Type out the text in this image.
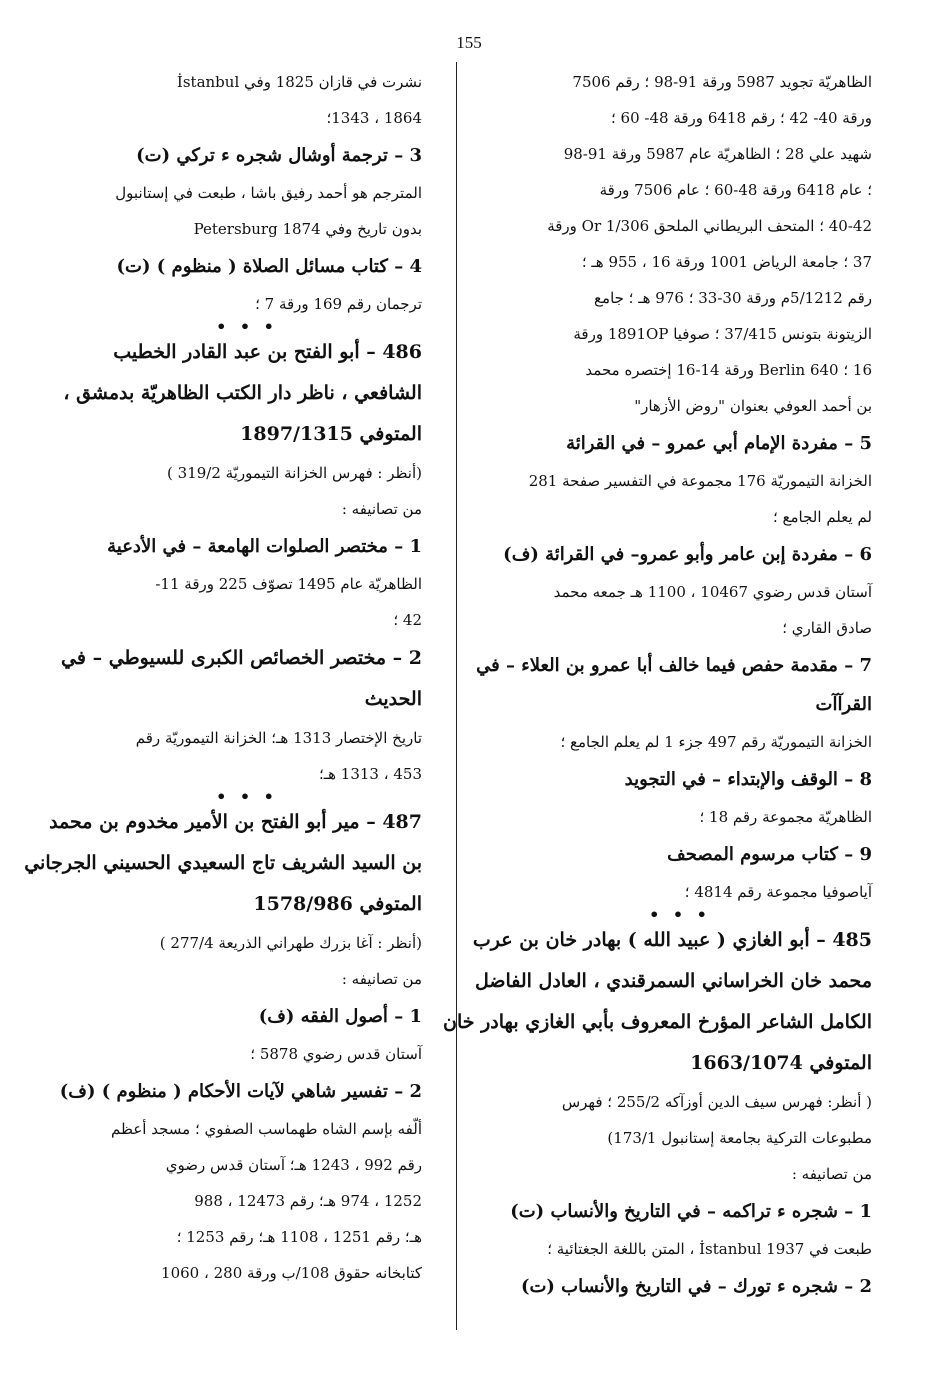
155

الظاهريّة تجويد 5987 ورقة 91-98 ؛ رقم 7506

ورقة 40- 42 ؛ رقم 6418 ورقة 48- 60 ؛

شهيد علي 28 ؛ الظاهريّة عام 5987 ورقة 91-98

؛ عام 6418 ورقة 48-60 ؛ عام 7506 ورقة

40-42 ؛ المتحف البريطاني الملحق 1/306 Or ورقة

37 ؛ جامعة الرياض 1001 ورقة 16 ، 955 هـ ؛

رقم 5/1212م ورقة 30-33 ؛ 976 هـ ؛ جامع

الزيتونة بتونس 37/415 ؛ صوفيا 1891OP ورقة

16 ؛ Berlin 640 ورقة 14-16 إختصره محمد

بن أحمد العوفي بعنوان "روض الأزهار"

5 – مفردة الإمام أبي عمرو – في القرائة

الخزانة التيموريّة 176 مجموعة في التفسير صفحة 281

لم يعلم الجامع ؛

6 – مفردة إبن عامر وأبو عمرو– في القرائة (ف)

آستان قدس رضوي 10467 ، 1100 هـ جمعه محمد

صادق القاري ؛

7 – مقدمة حفص فيما خالف أبا عمرو بن العلاء – في

القرآآت

الخزانة التيموريّة رقم 497 جزء 1 لم يعلم الجامع ؛

8 – الوقف والإبتداء – في التجويد

الظاهريّة مجموعة رقم 18 ؛

9 – كتاب مرسوم المصحف

آياصوفيا مجموعة رقم 4814 ؛

• • •

485 – أبو الغازي ( عبيد الله ) بهادر خان بن عرب

محمد خان الخراساني السمرقندي ، العادل الفاضل

الكامل الشاعر المؤرخ المعروف بأبي الغازي بهادر خان

المتوفي 1663/1074

( أنظر: فهرس سيف الدين أوزآكه 255/2 ؛ فهرس

مطبوعات التركية بجامعة إستانبول 173/1)

من تصانيفه :

1 – شجره ء تراكمه – في التاريخ والأنساب (ت)

طبعت في İstanbul 1937 ، المتن باللغة الجغتائية ؛

2 – شجره ء تورك – في التاريخ والأنساب (ت)

نشرت في قازان 1825 وفي İstanbul

1864 ، 1343؛

3 – ترجمة أوشال شجره ء تركي (ت)

المترجم هو أحمد رفيق باشا ، طبعت في إستانبول

بدون تاريخ وفي Petersburg 1874

4 – كتاب مسائل الصلاة ( منظوم ) (ت)

ترجمان رقم 169 ورقة 7 ؛

• • •

486 – أبو الفتح بن عبد القادر الخطيب

الشافعي ، ناظر دار الكتب الظاهريّة بدمشق ،

المتوفي 1897/1315

(أنظر : فهرس الخزانة التيموريّة 319/2 )

من تصانيفه :

1 – مختصر الصلوات الهامعة – في الأدعية

الظاهريّة عام 1495 تصوّف 225 ورقة 11-

42 ؛

2 – مختصر الخصائص الكبرى للسيوطي – في

الحديث

تاريخ الإختصار 1313 هـ؛ الخزانة التيموريّة رقم

453 ، 1313 هـ؛

• • •

487 – مير أبو الفتح بن الأمير مخدوم بن محمد

بن السيد الشريف تاج السعيدي الحسيني الجرجاني

المتوفي 1578/986

(أنظر : آغا بزرك طهراني الذريعة 277/4 )

من تصانيفه :

1 – أصول الفقه (ف)

آستان قدس رضوي 5878 ؛

2 – تفسير شاهي لآيات الأحكام ( منظوم ) (ف)

ألّفه بإسم الشاه طهماسب الصفوي ؛ مسجد أعظم

رقم 992 ، 1243 هـ؛ آستان قدس رضوي

1252 ، 974 هـ؛ رقم 12473 ، 988

هـ؛ رقم 1251 ، 1108 هـ؛ رقم 1253 ؛

كتابخانه حقوق 108/ب ورقة 280 ، 1060
